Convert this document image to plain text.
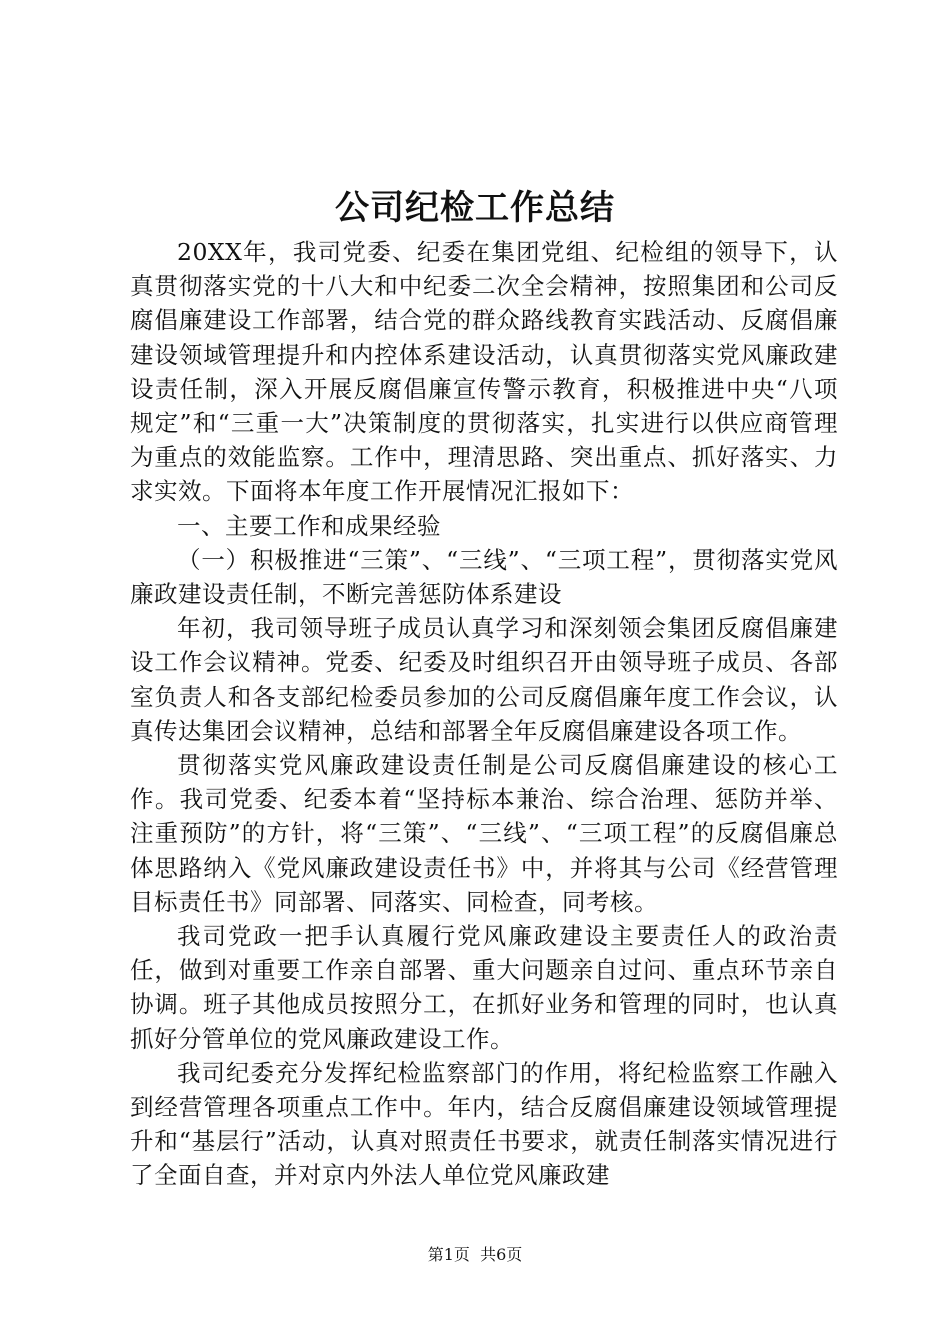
公司纪检工作总结

20XX年，我司党委、纪委在集团党组、纪检组的领导下，认真贯彻落实党的十八大和中纪委二次全会精神，按照集团和公司反腐倡廉建设工作部署，结合党的群众路线教育实践活动、反腐倡廉建设领域管理提升和内控体系建设活动，认真贯彻落实党风廉政建设责任制，深入开展反腐倡廉宣传警示教育，积极推进中央“八项规定”和“三重一大”决策制度的贯彻落实，扎实进行以供应商管理为重点的效能监察。工作中，理清思路、突出重点、抓好落实、力求实效。下面将本年度工作开展情况汇报如下：

一、主要工作和成果经验

（一）积极推进“三策”、“三线”、“三项工程”，贯彻落实党风廉政建设责任制，不断完善惩防体系建设

年初，我司领导班子成员认真学习和深刻领会集团反腐倡廉建设工作会议精神。党委、纪委及时组织召开由领导班子成员、各部室负责人和各支部纪检委员参加的公司反腐倡廉年度工作会议，认真传达集团会议精神，总结和部署全年反腐倡廉建设各项工作。

贯彻落实党风廉政建设责任制是公司反腐倡廉建设的核心工作。我司党委、纪委本着“坚持标本兼治、综合治理、惩防并举、注重预防”的方针，将“三策”、“三线”、“三项工程”的反腐倡廉总体思路纳入《党风廉政建设责任书》中，并将其与公司《经营管理目标责任书》同部署、同落实、同检查，同考核。

我司党政一把手认真履行党风廉政建设主要责任人的政治责任，做到对重要工作亲自部署、重大问题亲自过问、重点环节亲自协调。班子其他成员按照分工，在抓好业务和管理的同时，也认真抓好分管单位的党风廉政建设工作。

我司纪委充分发挥纪检监察部门的作用，将纪检监察工作融入到经营管理各项重点工作中。年内，结合反腐倡廉建设领域管理提升和“基层行”活动，认真对照责任书要求，就责任制落实情况进行了全面自查，并对京内外法人单位党风廉政建

第1页 共6页
